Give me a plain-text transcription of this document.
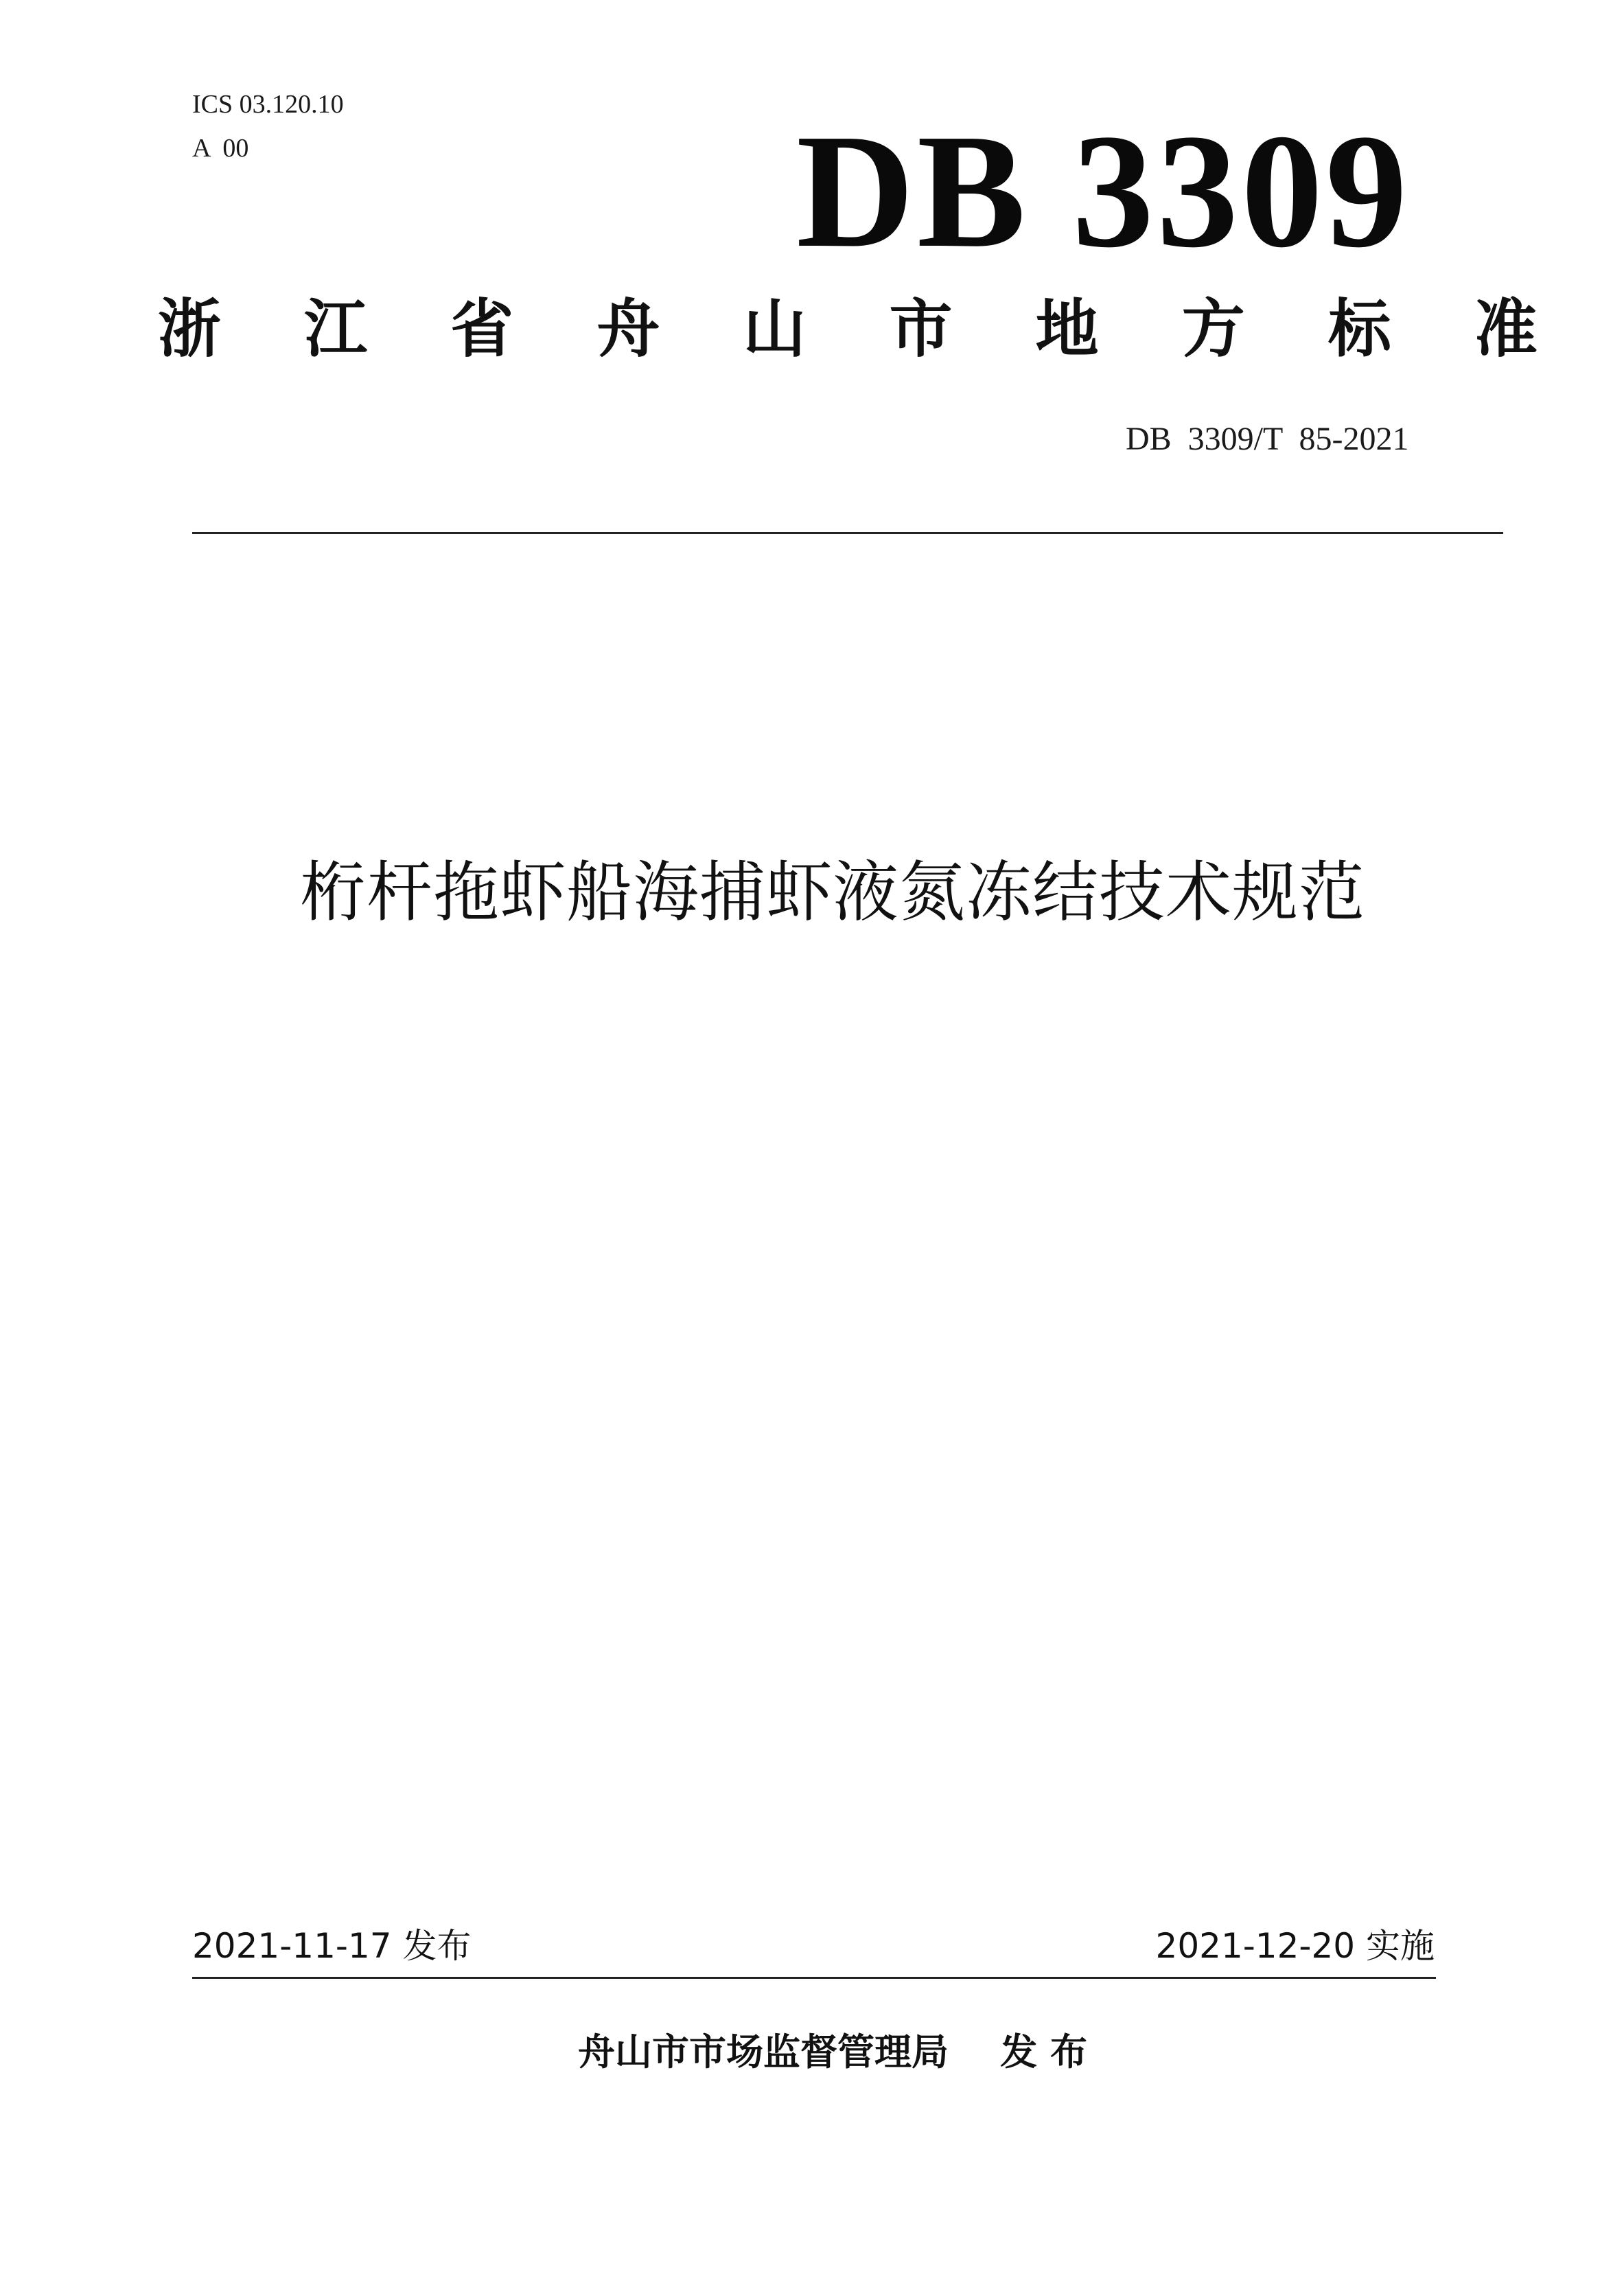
ICS 03.120.10
A  00	DB 3309
浙 江 省 舟 山 市 地 方 标 准
DB  3309/T  85-2021
桁杆拖虾船海捕虾液氮冻结技术规范
2021-11-17 发布	2021-12-20 实施
舟山市市场监督管理局    发 布
